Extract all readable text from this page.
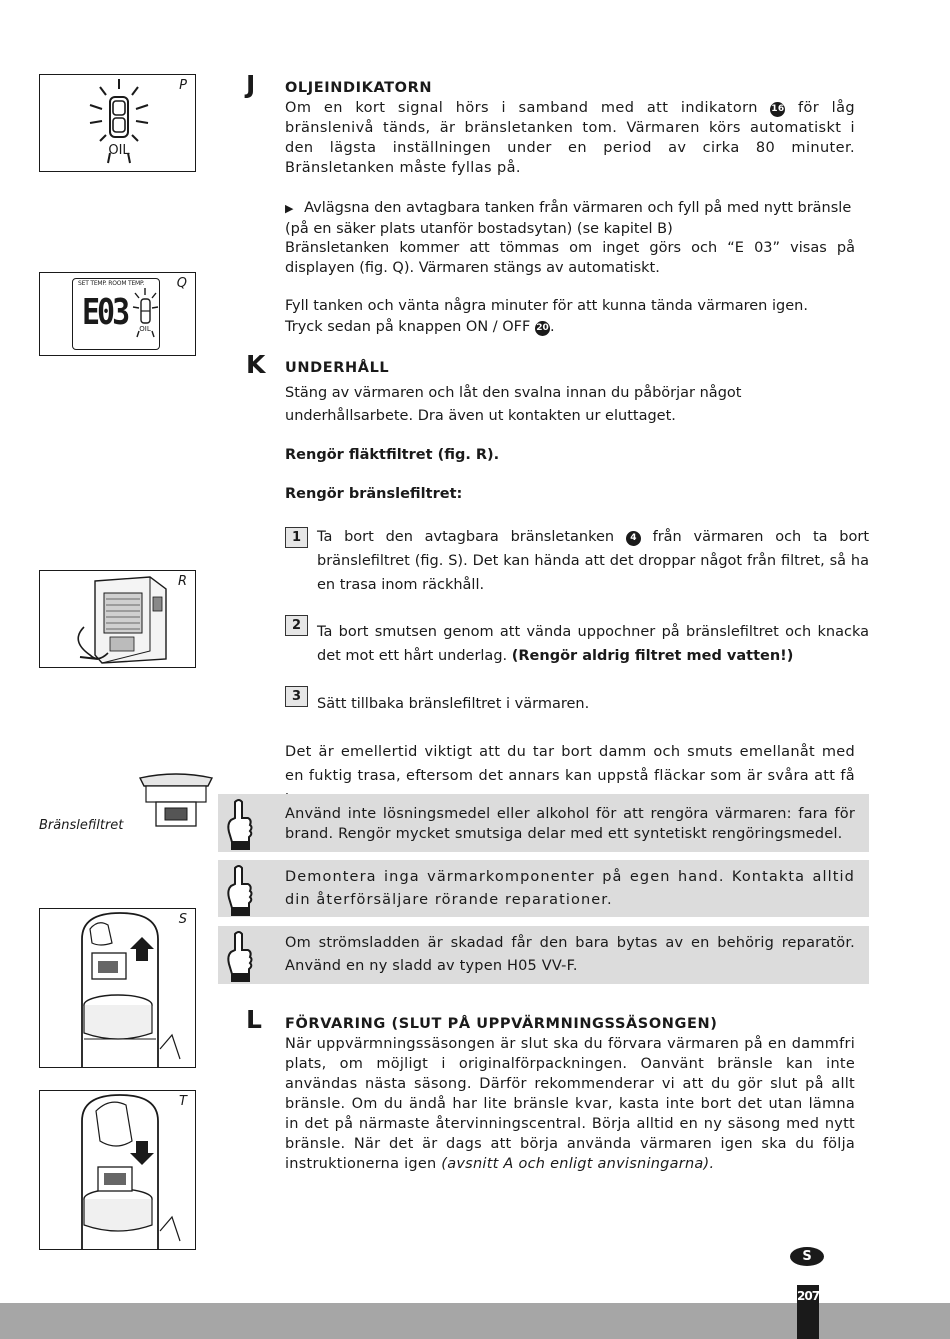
P
OIL
Q
SET TEMP. ROOM TEMP.
E03 OIL
R
Bränslefiltret
S
T
J OLJEINDIKATORN

Om en kort signal hörs i samband med att indikatorn 16 för låg bränslenivå tänds, är bränsletanken tom. Värmaren körs automatiskt i den lägsta inställningen under en period av cirka 80 minuter. Bränsletanken måste fyllas på.

▶ Avlägsna den avtagbara tanken från värmaren och fyll på med nytt bränsle
(på en säker plats utanför bostadsytan) (se kapitel B)

Bränsletanken kommer att tömmas om inget görs och “E 03” visas på displayen (fig. Q). Värmaren stängs av automatiskt.

Fyll tanken och vänta några minuter för att kunna tända värmaren igen.
Tryck sedan på knappen ON / OFF 20.
K UNDERHÅLL

Stäng av värmaren och låt den svalna innan du påbörjar något underhållsarbete. Dra även ut kontakten ur eluttaget.

Rengör fläktfiltret (fig. R).
Rengör bränslefiltret:
1	Ta bort den avtagbara bränsletanken 4 från värmaren och ta bort bränslefiltret (fig. S). Det kan hända att det droppar något från filtret, så ha en trasa inom räckhåll.

2	Ta bort smutsen genom att vända uppochner på bränslefiltret och knacka det mot ett hårt underlag. (Rengör aldrig filtret med vatten!)

3	Sätt tillbaka bränslefiltret i värmaren.

Det är emellertid viktigt att du tar bort damm och smuts emellanåt med en fuktig trasa, eftersom det annars kan uppstå fläckar som är svåra att få

Använd inte lösningsmedel eller alkohol för att rengöra värmaren: fara för brand. Rengör mycket smutsiga delar med ett syntetiskt rengöringsmedel.

Demontera inga värmarkomponenter på egen hand. Kontakta alltid din återförsäljare rörande reparationer.

Om strömsladden är skadad får den bara bytas av en behörig reparatör. Använd en ny sladd av typen H05 VV-F.

L FÖRVARING (SLUT PÅ UPPVÄRMNINGSSÄSONGEN)

När uppvärmningssäsongen är slut ska du förvara värmaren på en dammfri plats, om möjligt i originalförpackningen. Oanvänt bränsle kan inte användas nästa säsong. Därför rekommenderar vi att du gör slut på allt bränsle. Om du ändå har lite bränsle kvar, kasta inte bort det utan lämna in det på närmaste återvinningscentral. Börja alltid en ny säsong med nytt bränsle. När det är dags att börja använda värmaren igen ska du följa instruktionerna igen (avsnitt A och enligt anvisningarna).

S
207
